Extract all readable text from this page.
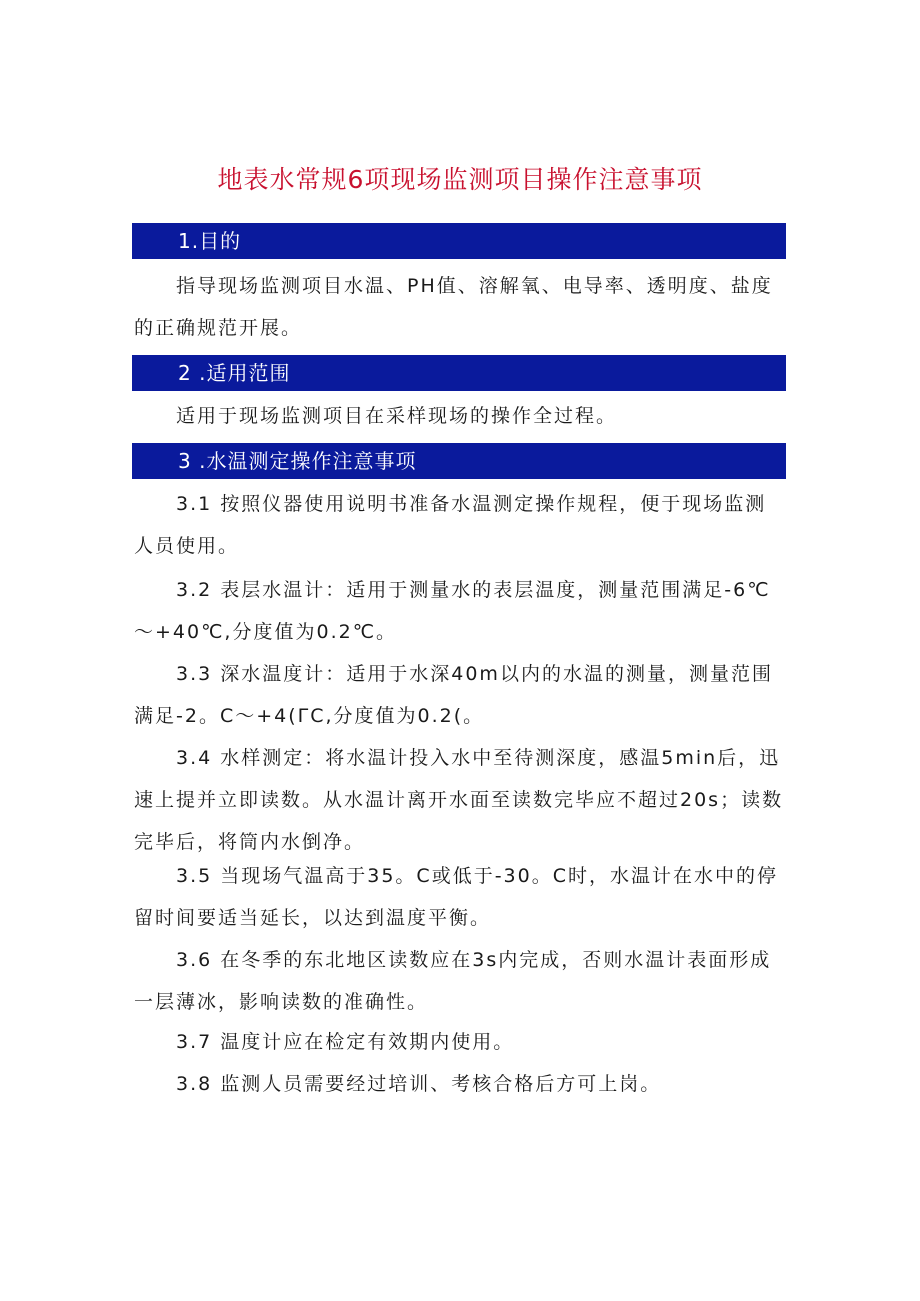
地表水常规6项现场监测项目操作注意事项
1.目的

指导现场监测项目水温、PH值、溶解氧、电导率、透明度、盐度的正确规范开展。

2 .适用范围

适用于现场监测项目在采样现场的操作全过程。

3 .水温测定操作注意事项

3.1 按照仪器使用说明书准备水温测定操作规程，便于现场监测人员使用。

3.2 表层水温计：适用于测量水的表层温度，测量范围满足-6℃～+40℃,分度值为0.2℃。

3.3 深水温度计：适用于水深40m以内的水温的测量，测量范围满足-2。C～+4(ΓC,分度值为0.2(。

3.4 水样测定：将水温计投入水中至待测深度，感温5min后，迅速上提并立即读数。从水温计离开水面至读数完毕应不超过20s；读数完毕后，将筒内水倒净。

3.5 当现场气温高于35。C或低于-30。C时，水温计在水中的停留时间要适当延长，以达到温度平衡。

3.6 在冬季的东北地区读数应在3s内完成，否则水温计表面形成一层薄冰，影响读数的准确性。

3.7 温度计应在检定有效期内使用。

3.8 监测人员需要经过培训、考核合格后方可上岗。
